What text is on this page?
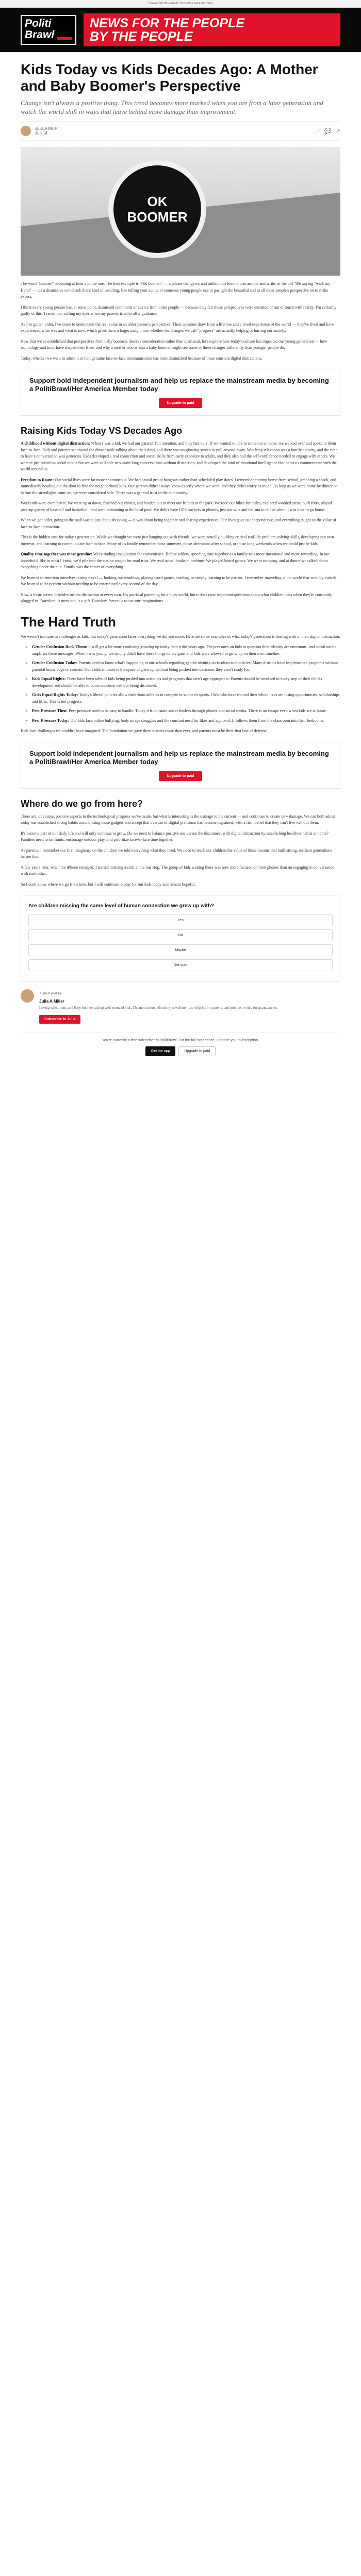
Forwarded this email? Subscribe here for more
Politi
Brawl
NEWS FOR THE PEOPLE
BY THE PEOPLE
Kids Today vs Kids Decades Ago: A Mother and Baby Boomer's Perspective
Change isn't always a positive thing. This trend becomes more marked when you are from a later generation and watch the world shift in ways that leave behind more damage than improvement.
Julia A Miller
Jun 14	♡ 💬 ↗
OK
BOOMER

The word "boomer" becoming at least a polite one. The best example is "OK boomer" — a phrase that gen-z and millennials love to toss around and write, or the old "80s saying "walk my Hand" — it's a dismissive comeback that's kind of insulting, like telling your auntie or someone young people use to gaslight the beautiful and to all older people's perspective on to make excess.

I think every young person has, at some point, dismissed comments or advice from older people — because they felt those perspectives were outdated or out of touch with reality. I'm certainly guilty of this. I remember rolling my eyes when my parents tried to offer guidance.

As I've gotten older, I've come to understand the real value in an older person's perspective. Their opinions draw from a lifetime and a lived experience of the world — they've lived and have experienced what was and what is now, which gives them a larger insight into whether the changes we call "progress" are actually helping or hurting our society.

Now that we've established that perspectives from baby boomers deserve consideration rather than dismissal, let's explore how today's culture has impacted our young generation — how technology and tools have shaped their lives, and why a mother who is also a baby boomer might see some of these changes differently than younger people do.

Today, whether we want to admit it or not, genuine face-to-face communication has been diminished because of these constant digital distractions.

Support bold independent journalism and help us replace the mainstream media by becoming a PolitiBrawl/Her America Member today
Upgrade to paid
Raising Kids Today VS Decades Ago

A childhood without digital distraction: When I was a kid, we had our parents' full attention, and they had ours. If we wanted to talk to someone at home, we walked over and spoke to them face-to-face. Kids and parents sat around the dinner table talking about their days, and there was no glowing screen to pull anyone away. Watching television was a family activity, and the time to have a conversation was generous. Kids developed a real connection and social skills from early exposure to adults, and they also had the self-confidence needed to engage with others. We weren't just raised on social media but we were still able to sustain long conversations without distraction, and developed the kind of emotional intelligence that helps us communicate with the world around us.

Freedom to Roam: Our social lives were far more spontaneous. We had casual group hangouts rather than scheduled play dates. I remember coming home from school, grabbing a snack, and immediately heading out the door to find the neighborhood kids. Our parents didn't always know exactly where we were, and they didn't worry as much. As long as we were home by dinner or before the streetlights came on, we were considered safe. There was a general trust in the community.

Weekends were even better. We were up at dawn, finished our chores, and headed out to meet our friends at the park. We rode our bikes for miles, explored wooded areas, built forts, played pick-up games of baseball and basketball, and went swimming at the local pool. We didn't have GPS trackers or phones, just our wits and the sun to tell us when it was time to go home.

When we got older, going to the mall wasn't just about shopping — it was about being together and sharing experiences. Our lives gave us independence, and everything taught us the value of face-to-face interaction.

This is the hidden cost for today's generation. While we thought we were just hanging out with friends, we were actually building critical real-life problem-solving skills, developing our own interests, and learning to communicate face-to-face. Many of us fondly remember those summers, those afternoons after school, or those long weekends when we could just be kids.

Quality time together was more genuine: We're trading imagination for convenience. Before tablets, spending time together as a family was more intentional and more rewarding. In our household, like in most I knew, we'd pile into the station wagon for road trips. We read actual books at bedtime. We played board games. We went camping, and at dinner we talked about everything under the sun. Family was the center of everything.

We learned to entertain ourselves during travel — looking out windows, playing word games, reading, or simply learning to be patient. I remember marveling at the world that went by outside. We learned to be present without needing to be entertained every second of the day.

Now, a basic screen provides instant distraction at every turn. It's practical parenting for a busy world, but it does raise important questions about what children miss when they're constantly plugged in. Boredom, it turns out, is a gift. Boredom forces us to use our imaginations.

The Hard Truth

We weren't immune to challenges as kids, but today's generation faces everything we did and more. Here are some examples of what today's generation is dealing with in their digital distraction:

• Gender Confusion Rock Them: It will get a lot more confusing growing up today than it did years ago. The pressures on kids to question their identity are enormous, and social media amplifies these messages. When I was young, we simply didn't have these things to navigate, and kids were allowed to grow up on their own timeline.
• Gender Confusion Today: Parents need to know what's happening in our schools regarding gender identity curriculum and policies. Many districts have implemented programs without parental knowledge or consent. Our children deserve the space to grow up without being pushed into decisions they aren't ready for.
• Kids Equal Rights: There have been tales of kids being pushed into activities and programs that aren't age appropriate. Parents should be involved in every step of their child's development and should be able to voice concerns without being dismissed.
• Girls Equal Rights Today: Today's liberal policies allow male-born athletes to compete in women's sports. Girls who have trained their whole lives are losing opportunities, scholarships and titles. This is not progress.
• Peer Pressure Then: Peer pressure used to be easy to handle. Today it is constant and relentless through phones and social media. There is no escape even when kids are at home.
• Peer Pressure Today: Our kids face online bullying, body image struggles and the constant need for likes and approval. It follows them from the classroom into their bedrooms.

Kids face challenges we couldn't have imagined. The foundation we gave them matters more than ever, and parents must be their first line of defense.

Support bold independent journalism and help us replace the mainstream media by becoming a PolitiBrawl/Her America Member today
Upgrade to paid
Where do we go from here?

There are, of course, positive aspects to the technological progress we've made, but what is interesting is the damage to the current — and continues to create new damage. We can both admit today has established strong habits around using these gadgets and accept that overuse of digital platforms has become ingrained, with a firm belief that they can't live without them.

It's become part of our daily life and will only continue to grow. Do we need to balance positive use versus the disconnect with digital distraction by establishing healthier habits at home? Families need to set limits, encourage outdoor play, and prioritize face-to-face time together.

As parents, I remember our first imaginary on the children we told everything what they need. We need to teach our children the value of those lessons that built strong, resilient generations before them.

A few years later, when the iPhone emerged, I started noticing a shift at the bus stop. The group of kids waiting there was now more focused on their phones than on engaging in conversation with each other.

So I don't know where we go from here, but I will continue to pray for our kids today and remain hopeful.

Are children missing the same level of human connection we grew up with?
Yes
No
Maybe
Not sure
A guest post by
Julia A Miller
Loving wife, mom, and baby boomer raising well-rounded kids. The motivation behind my newsletter is to help inform parents and provide a voice for grandparents.
Subscribe to Julia
You're currently a free subscriber to PolitiBrawl. For the full experience, upgrade your subscription.
Get the app	Upgrade to paid
